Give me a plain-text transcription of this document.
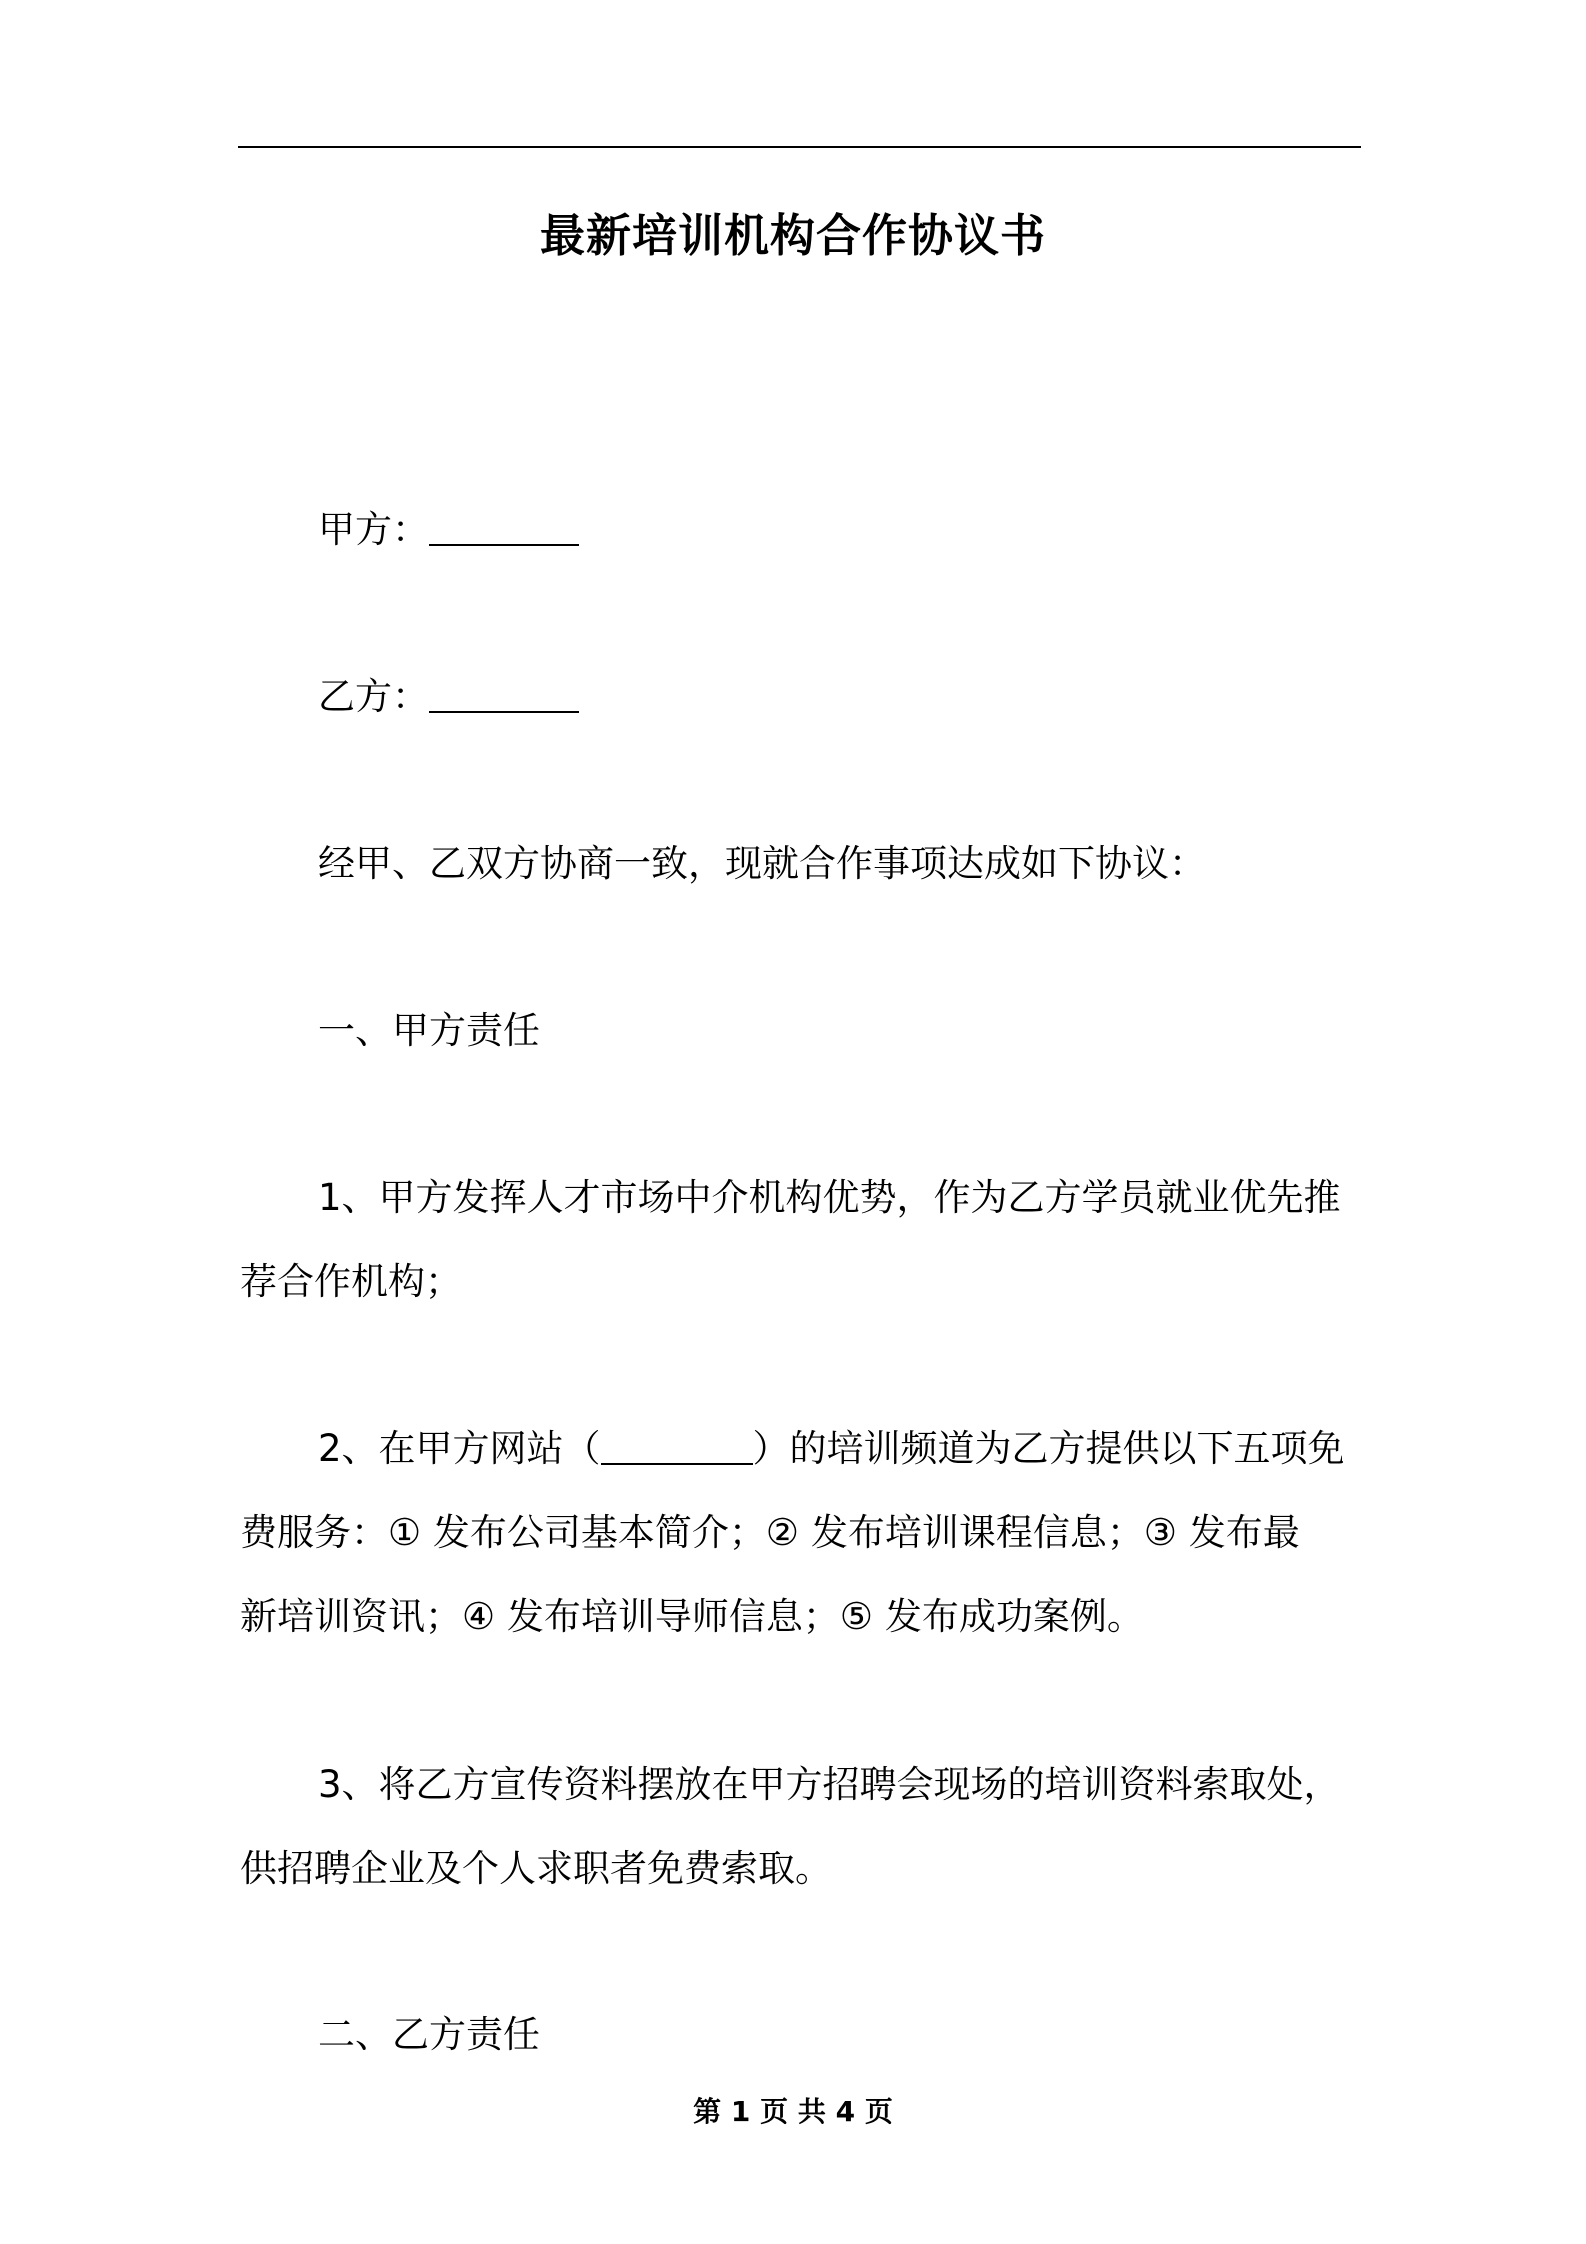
最新培训机构合作协议书
甲方：
乙方：
经甲、乙双方协商一致，现就合作事项达成如下协议：
一、甲方责任
1、甲方发挥人才市场中介机构优势，作为乙方学员就业优先推
荐合作机构；
2、在甲方网站（	）的培训频道为乙方提供以下五项免
费服务：① 发布公司基本简介；② 发布培训课程信息；③ 发布最
新培训资讯；④ 发布培训导师信息；⑤ 发布成功案例。
3、将乙方宣传资料摆放在甲方招聘会现场的培训资料索取处，
供招聘企业及个人求职者免费索取。
二、乙方责任
第 1 页 共 4 页
